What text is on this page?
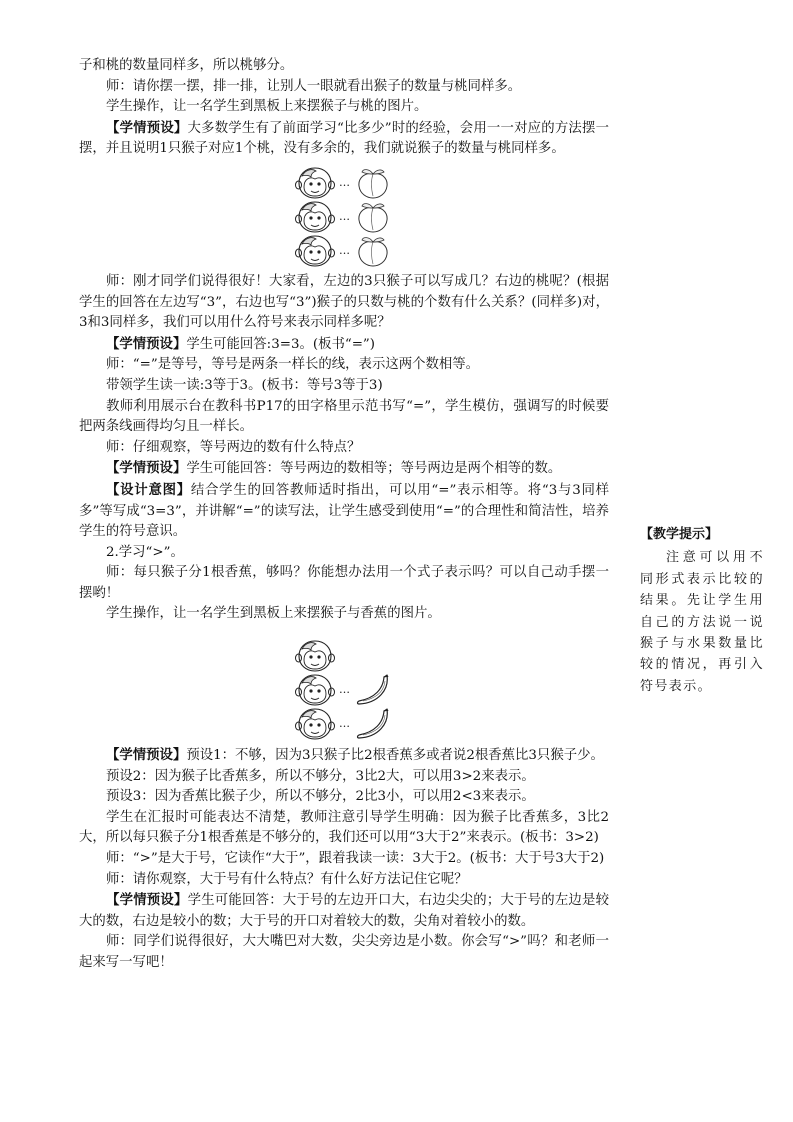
子和桃的数量同样多，所以桃够分。

师：请你摆一摆，排一排，让别人一眼就看出猴子的数量与桃同样多。

学生操作，让一名学生到黑板上来摆猴子与桃的图片。

【学情预设】大多数学生有了前面学习“比多少”时的经验，会用一一对应的方法摆一摆，并且说明1只猴子对应1个桃，没有多余的，我们就说猴子的数量与桃同样多。

…
…
…

师：刚才同学们说得很好！大家看，左边的3只猴子可以写成几？右边的桃呢？(根据学生的回答在左边写“3”，右边也写“3”)猴子的只数与桃的个数有什么关系？(同样多)对，3和3同样多，我们可以用什么符号来表示同样多呢？

【学情预设】学生可能回答:3=3。(板书“=”)

师：“=”是等号，等号是两条一样长的线，表示这两个数相等。

带领学生读一读:3等于3。(板书：等号3等于3)

教师利用展示台在教科书P17的田字格里示范书写“=”，学生模仿，强调写的时候要把两条线画得均匀且一样长。

师：仔细观察，等号两边的数有什么特点？

【学情预设】学生可能回答：等号两边的数相等；等号两边是两个相等的数。

【设计意图】结合学生的回答教师适时指出，可以用“=”表示相等。将“3与3同样多”等写成“3=3”，并讲解“=”的读写法，让学生感受到使用“=”的合理性和简洁性，培养学生的符号意识。

2.学习“>”。

师：每只猴子分1根香蕉，够吗？你能想办法用一个式子表示吗？可以自己动手摆一摆哟！

学生操作，让一名学生到黑板上来摆猴子与香蕉的图片。

…
…

【学情预设】预设1：不够，因为3只猴子比2根香蕉多或者说2根香蕉比3只猴子少。

预设2：因为猴子比香蕉多，所以不够分，3比2大，可以用3>2来表示。

预设3：因为香蕉比猴子少，所以不够分，2比3小，可以用2<3来表示。

学生在汇报时可能表达不清楚，教师注意引导学生明确：因为猴子比香蕉多，3比2大，所以每只猴子分1根香蕉是不够分的，我们还可以用“3大于2”来表示。(板书：3>2)

师：“>”是大于号，它读作“大于”，跟着我读一读：3大于2。(板书：大于号3大于2)

师：请你观察，大于号有什么特点？有什么好方法记住它呢？

【学情预设】学生可能回答：大于号的左边开口大，右边尖尖的；大于号的左边是较大的数，右边是较小的数；大于号的开口对着较大的数，尖角对着较小的数。

师：同学们说得很好，大大嘴巴对大数，尖尖旁边是小数。你会写“>”吗？和老师一起来写一写吧！

【教学提示】

注意可以用不同形式表示比较的结果。先让学生用自己的方法说一说猴子与水果数量比较的情况，再引入符号表示。
